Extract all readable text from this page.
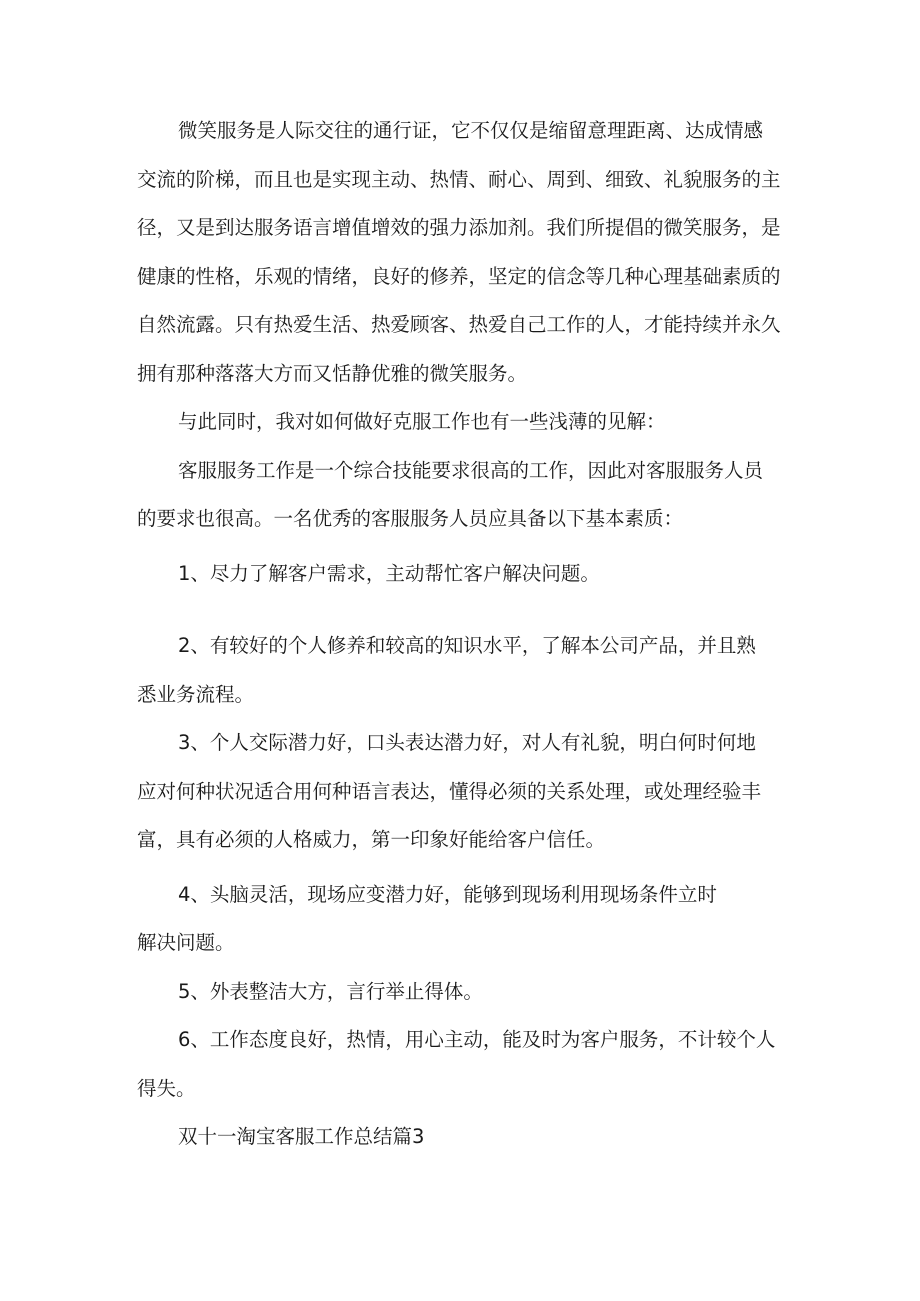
微笑服务是人际交往的通行证，它不仅仅是缩留意理距离、达成情感
交流的阶梯，而且也是实现主动、热情、耐心、周到、细致、礼貌服务的主
径，又是到达服务语言增值增效的强力添加剂。我们所提倡的微笑服务，是
健康的性格，乐观的情绪，良好的修养，坚定的信念等几种心理基础素质的
自然流露。只有热爱生活、热爱顾客、热爱自己工作的人，才能持续并永久
拥有那种落落大方而又恬静优雅的微笑服务。
与此同时，我对如何做好克服工作也有一些浅薄的见解：
客服服务工作是一个综合技能要求很高的工作，因此对客服服务人员
的要求也很高。一名优秀的客服服务人员应具备以下基本素质：
1、尽力了解客户需求，主动帮忙客户解决问题。
2、有较好的个人修养和较高的知识水平，了解本公司产品，并且熟
悉业务流程。
3、个人交际潜力好，口头表达潜力好，对人有礼貌，明白何时何地
应对何种状况适合用何种语言表达，懂得必须的关系处理，或处理经验丰
富，具有必须的人格威力，第一印象好能给客户信任。
4、头脑灵活，现场应变潜力好，能够到现场利用现场条件立时
解决问题。
5、外表整洁大方，言行举止得体。
6、工作态度良好，热情，用心主动，能及时为客户服务，不计较个人
得失。
双十一淘宝客服工作总结篇3
